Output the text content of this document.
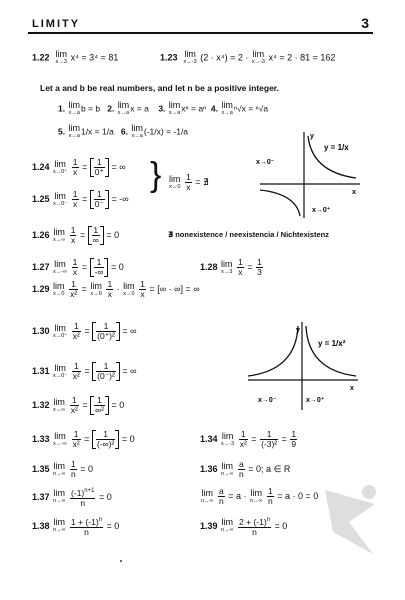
LIMITY	3
1.22 lim
x→3 x⁴ = 3⁴ = 81	1.23 lim
x→-3 (2 · x⁴) = 2 · lim
x→-3 x⁴ = 2 · 81 = 162
Let a and b be real numbers, and let n be a positive integer.
1. lim
x→a b = b 2. lim
x→a x = a 3. lim
x→a xⁿ = aⁿ 4. lim
x→a ⁿ√x = ⁿ√a
5. lim
x→a 1/x = 1/a 6. lim
x→a (-1/x) = -1/a
1.24 lim
x→0⁺
$\frac{1}{x} = \frac{1}{0^+}$ = ∞
1.25 lim
x→0⁻
$\frac{1}{x} = \frac{1}{0^-}$ = -∞
} lim
x→0
$\frac{1}{x}$ = ∄
y
x
y = 1/x
x→0⁻
x→0⁺
1.26 lim
x→∞
$\frac{1}{x} = 1$
∞
= 0	∄ nonexistence / neexistencia / Nichtexistenz
1.27 lim
x→-∞
$\frac{1}{x} = 1$
-∞
= 0	1.28 lim
x→3
$\frac{1}{x} = \frac{1}{3}$
1.29 lim
x→0
$\frac{1}{\text{x²}} = \lim$
x→0
$\frac{1}{x} \cdot \lim$
x→0
$\frac{1}{x}$ = [∞ · ∞] = ∞
1.30 lim
x→0⁺
$\frac{1}{\text{x²}} = \frac{1}{\text{(0⁺)²}}$ = ∞
1.31 lim
x→0⁻
$\frac{1}{\text{x²}} = \frac{1}{\text{(0⁻)²}}$ = ∞
y
x
y = 1/x²
x→0⁻	x→0⁺
1.32 lim
x→∞
$\frac{1}{\text{x²}} = 1$
∞²
= 0
1.33 lim
x→-∞
$\frac{1}{\text{x²}}$ =	1
(-∞)²
= 0	1.34 lim
x→-3
$\frac{1}{\text{x²}} = \frac{1}{\text{(-3)²}} = \frac{1}{9}$
1.35 lim
n→∞
$\frac{1}{n} = 0$	1.36 lim
n→∞
$\frac{a}{n} = 0$; a ∈ R
1.37 lim
n→∞
$\frac{(-1)^{n+1}}{n} = 0$	lim
n→∞
$\frac{a}{n} = a \cdot \lim$
n→∞
$\frac{1}{n} = a \cdot 0 = 0$
1.38 lim
n→∞
$\frac{1 + (-1)^n}{n} = 0$	1.39 lim
n→∞
$\frac{2 + (-1)^n}{n} = 0$
